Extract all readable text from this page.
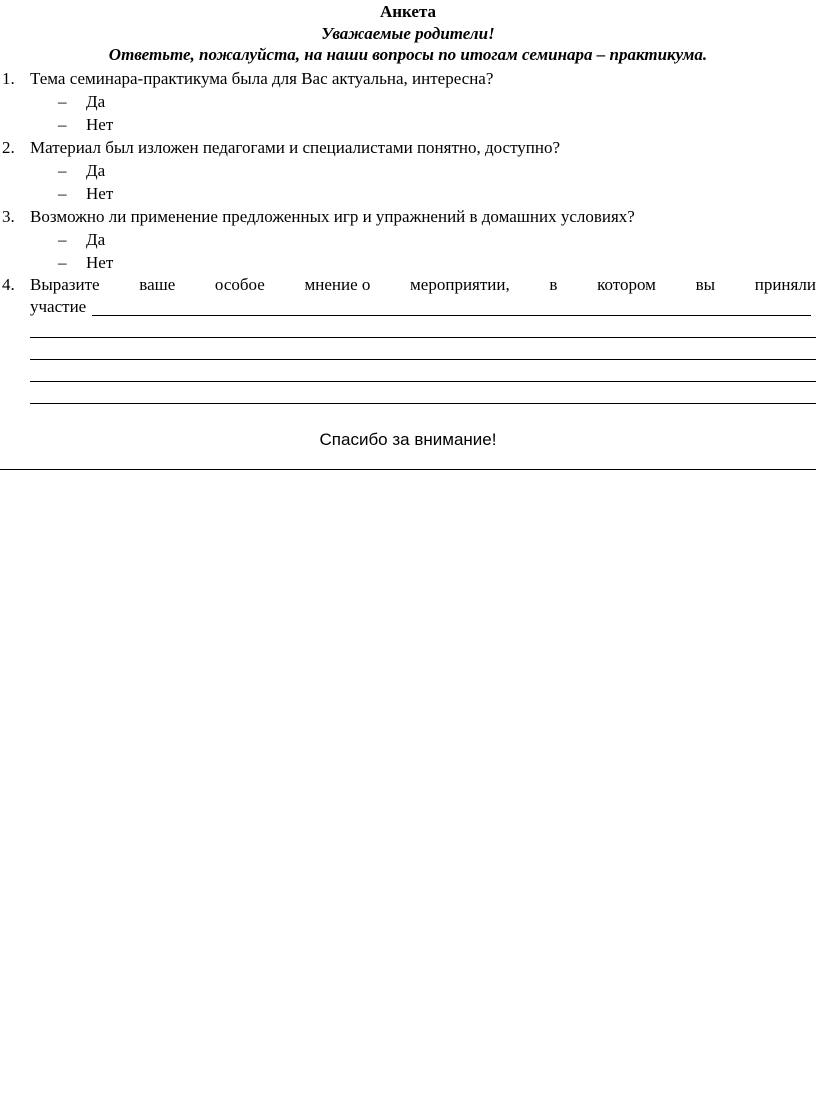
Анкета
Уважаемые родители!
Ответьте, пожалуйста, на наши вопросы по итогам семинара – практикума.
1. Тема семинара-практикума была для Вас актуальна, интересна?
– Да
– Нет
2. Материал был изложен педагогами и специалистами понятно, доступно?
– Да
– Нет
3. Возможно ли применение предложенных игр и упражнений в домашних условиях?
– Да
– Нет
4. Выразите ваше особое мнение о мероприятии, в котором вы приняли
участие
Спасибо за внимание!
